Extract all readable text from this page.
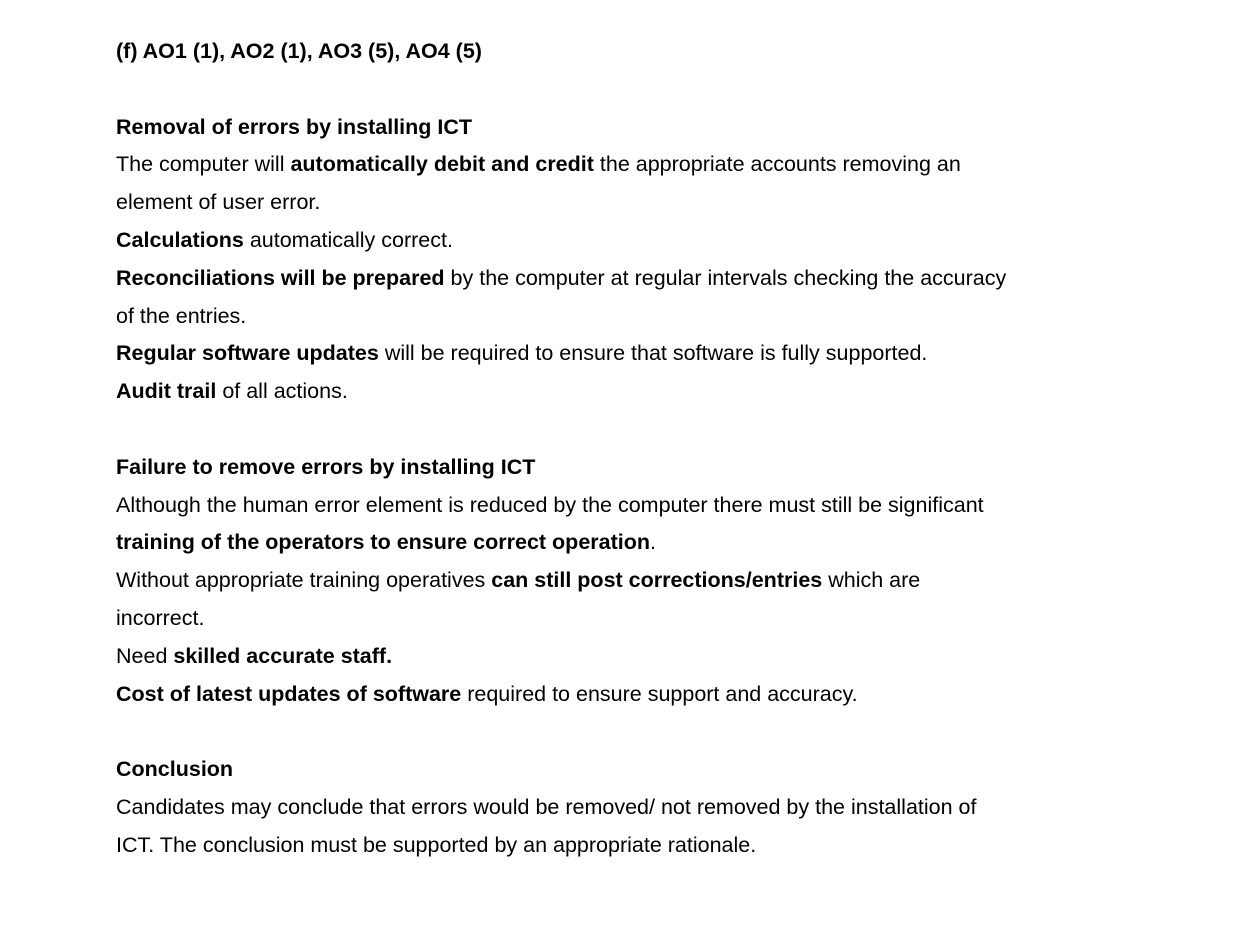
(f) AO1 (1), AO2 (1), AO3 (5), AO4 (5)
Removal of errors by installing ICT
The computer will automatically debit and credit the appropriate accounts removing an
element of user error.
Calculations automatically correct.
Reconciliations will be prepared by the computer at regular intervals checking the accuracy
of the entries.
Regular software updates will be required to ensure that software is fully supported.
Audit trail of all actions.
Failure to remove errors by installing ICT
Although the human error element is reduced by the computer there must still be significant
training of the operators to ensure correct operation.
Without appropriate training operatives can still post corrections/entries which are
incorrect.
Need skilled accurate staff.
Cost of latest updates of software required to ensure support and accuracy.
Conclusion
Candidates may conclude that errors would be removed/ not removed by the installation of
ICT. The conclusion must be supported by an appropriate rationale.
